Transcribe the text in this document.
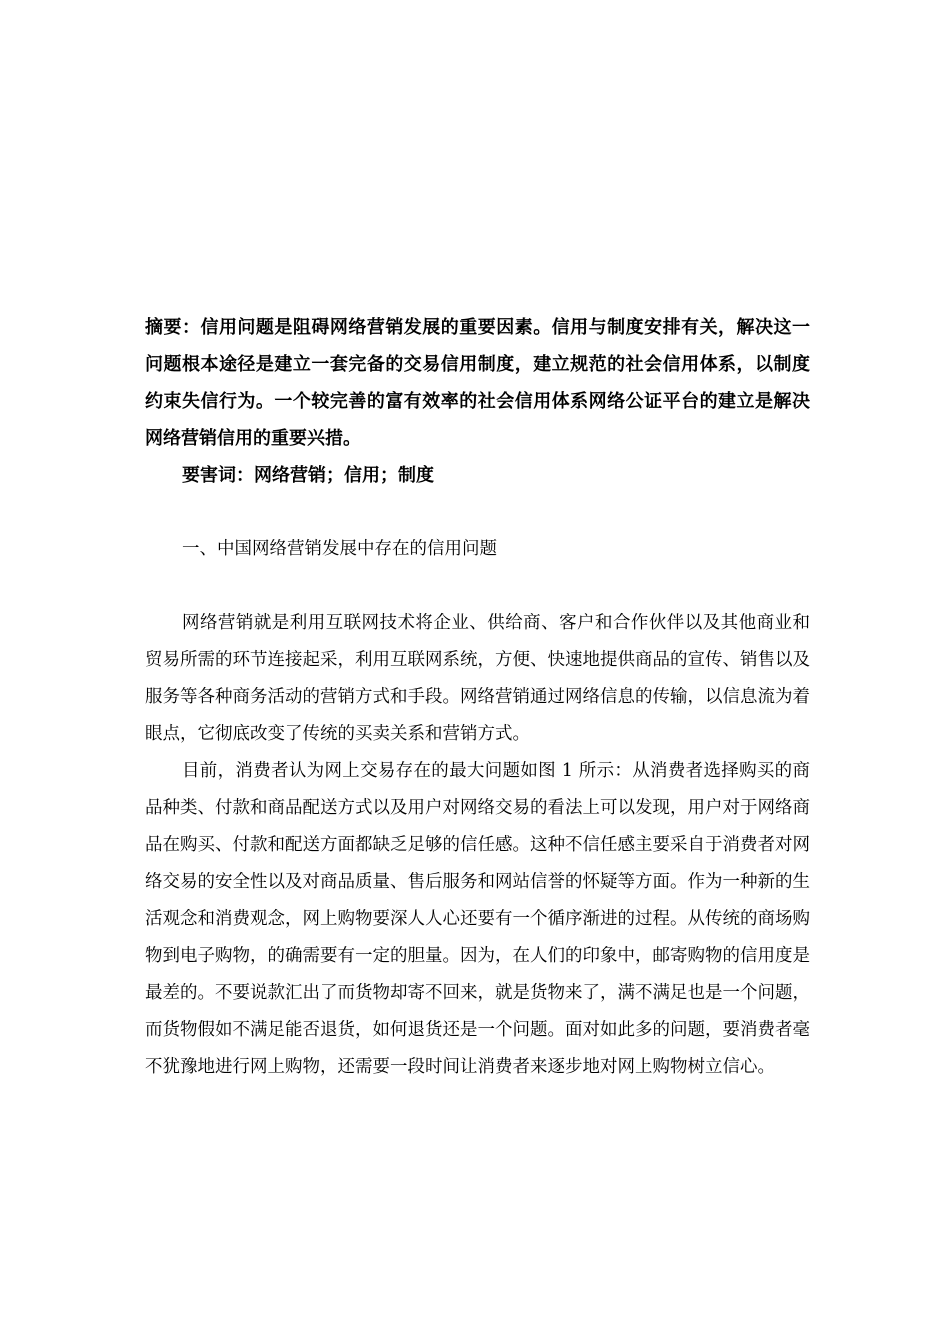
摘要：信用问题是阻碍网络营销发展的重要因素。信用与制度安排有关，解决这一问题根本途径是建立一套完备的交易信用制度，建立规范的社会信用体系，以制度约束失信行为。一个较完善的富有效率的社会信用体系网络公证平台的建立是解决网络营销信用的重要兴措。

要害词：网络营销；信用；制度

一、中国网络营销发展中存在的信用问题

网络营销就是利用互联网技术将企业、供给商、客户和合作伙伴以及其他商业和贸易所需的环节连接起采，利用互联网系统，方便、快速地提供商品的宣传、销售以及服务等各种商务活动的营销方式和手段。网络营销通过网络信息的传输，以信息流为着眼点，它彻底改变了传统的买卖关系和营销方式。

目前，消费者认为网上交易存在的最大问题如图 1 所示：从消费者选择购买的商品种类、付款和商品配送方式以及用户对网络交易的看法上可以发现，用户对于网络商品在购买、付款和配送方面都缺乏足够的信任感。这种不信任感主要采自于消费者对网络交易的安全性以及对商品质量、售后服务和网站信誉的怀疑等方面。作为一种新的生活观念和消费观念，网上购物要深人人心还要有一个循序渐进的过程。从传统的商场购物到电子购物，的确需要有一定的胆量。因为，在人们的印象中，邮寄购物的信用度是最差的。不要说款汇出了而货物却寄不回来，就是货物来了，满不满足也是一个问题，而货物假如不满足能否退货，如何退货还是一个问题。面对如此多的问题，要消费者毫不犹豫地进行网上购物，还需要一段时间让消费者来逐步地对网上购物树立信心。
